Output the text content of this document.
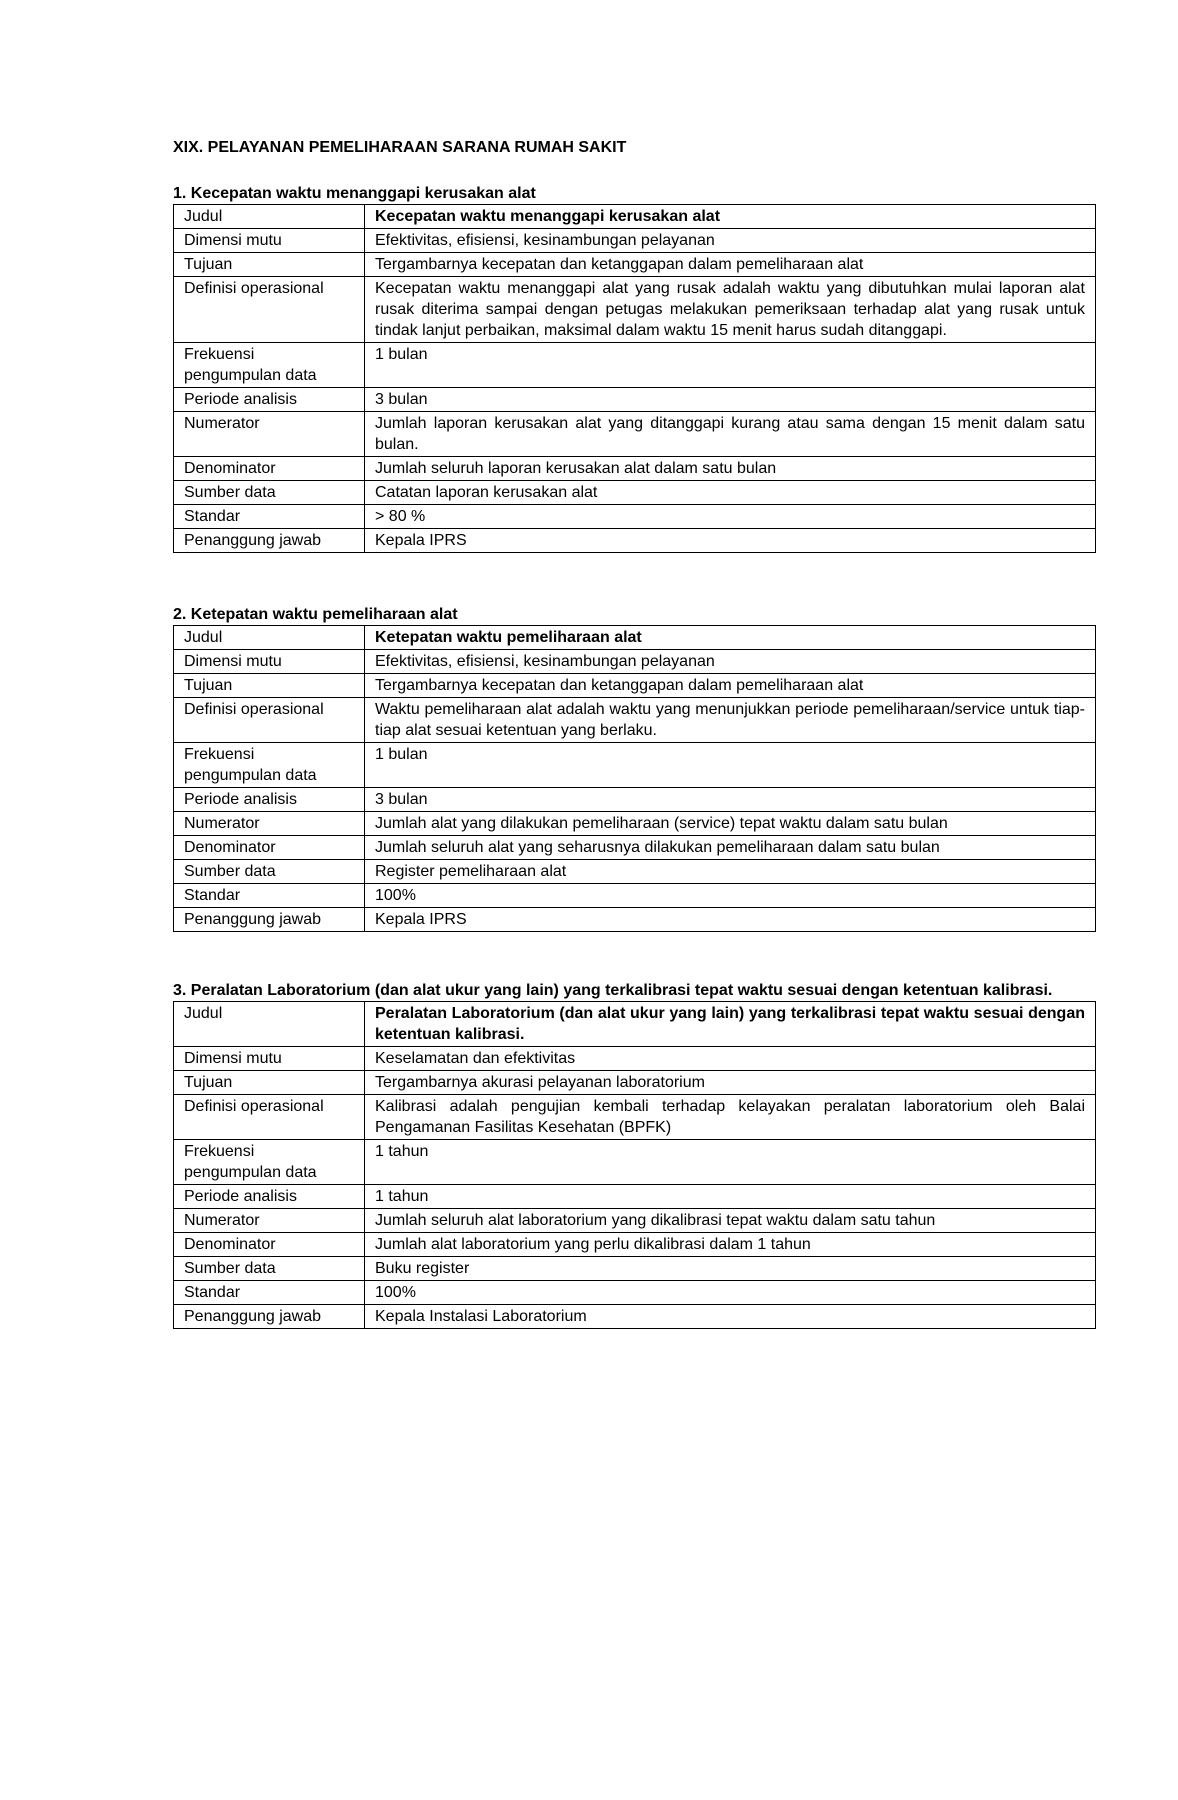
XIX. PELAYANAN PEMELIHARAAN SARANA RUMAH SAKIT
1. Kecepatan waktu menanggapi kerusakan alat
Judul	Kecepatan waktu menanggapi kerusakan alat
Dimensi mutu	Efektivitas, efisiensi, kesinambungan pelayanan
Tujuan	Tergambarnya kecepatan dan ketanggapan dalam pemeliharaan alat
Definisi operasional	Kecepatan waktu menanggapi alat yang rusak adalah waktu yang dibutuhkan mulai laporan alat rusak diterima sampai dengan petugas melakukan pemeriksaan terhadap alat yang rusak untuk tindak lanjut perbaikan, maksimal dalam waktu 15 menit harus sudah ditanggapi.
Frekuensi pengumpulan data	1 bulan
Periode analisis	3 bulan
Numerator	Jumlah laporan kerusakan alat yang ditanggapi kurang atau sama dengan 15 menit dalam satu bulan.
Denominator	Jumlah seluruh laporan kerusakan alat dalam satu bulan
Sumber data	Catatan laporan kerusakan alat
Standar	> 80 %
Penanggung jawab	Kepala IPRS
2. Ketepatan waktu pemeliharaan alat
Judul	Ketepatan waktu pemeliharaan alat
Dimensi mutu	Efektivitas, efisiensi, kesinambungan pelayanan
Tujuan	Tergambarnya kecepatan dan ketanggapan dalam pemeliharaan alat
Definisi operasional	Waktu pemeliharaan alat adalah waktu yang menunjukkan periode pemeliharaan/service untuk tiap-tiap alat sesuai ketentuan yang berlaku.
Frekuensi pengumpulan data	1 bulan
Periode analisis	3 bulan
Numerator	Jumlah alat yang dilakukan pemeliharaan (service) tepat waktu dalam satu bulan
Denominator	Jumlah seluruh alat yang seharusnya dilakukan pemeliharaan dalam satu bulan
Sumber data	Register pemeliharaan alat
Standar	100%
Penanggung jawab	Kepala IPRS
3. Peralatan Laboratorium (dan alat ukur yang lain) yang terkalibrasi tepat waktu sesuai dengan ketentuan kalibrasi.
Judul	Peralatan Laboratorium (dan alat ukur yang lain) yang terkalibrasi tepat waktu sesuai dengan ketentuan kalibrasi.
Dimensi mutu	Keselamatan dan efektivitas
Tujuan	Tergambarnya akurasi pelayanan laboratorium
Definisi operasional	Kalibrasi adalah pengujian kembali terhadap kelayakan peralatan laboratorium oleh Balai Pengamanan Fasilitas Kesehatan (BPFK)
Frekuensi pengumpulan data	1 tahun
Periode analisis	1 tahun
Numerator	Jumlah seluruh alat laboratorium yang dikalibrasi tepat waktu dalam satu tahun
Denominator	Jumlah alat laboratorium yang perlu dikalibrasi dalam 1 tahun
Sumber data	Buku register
Standar	100%
Penanggung jawab	Kepala Instalasi Laboratorium
